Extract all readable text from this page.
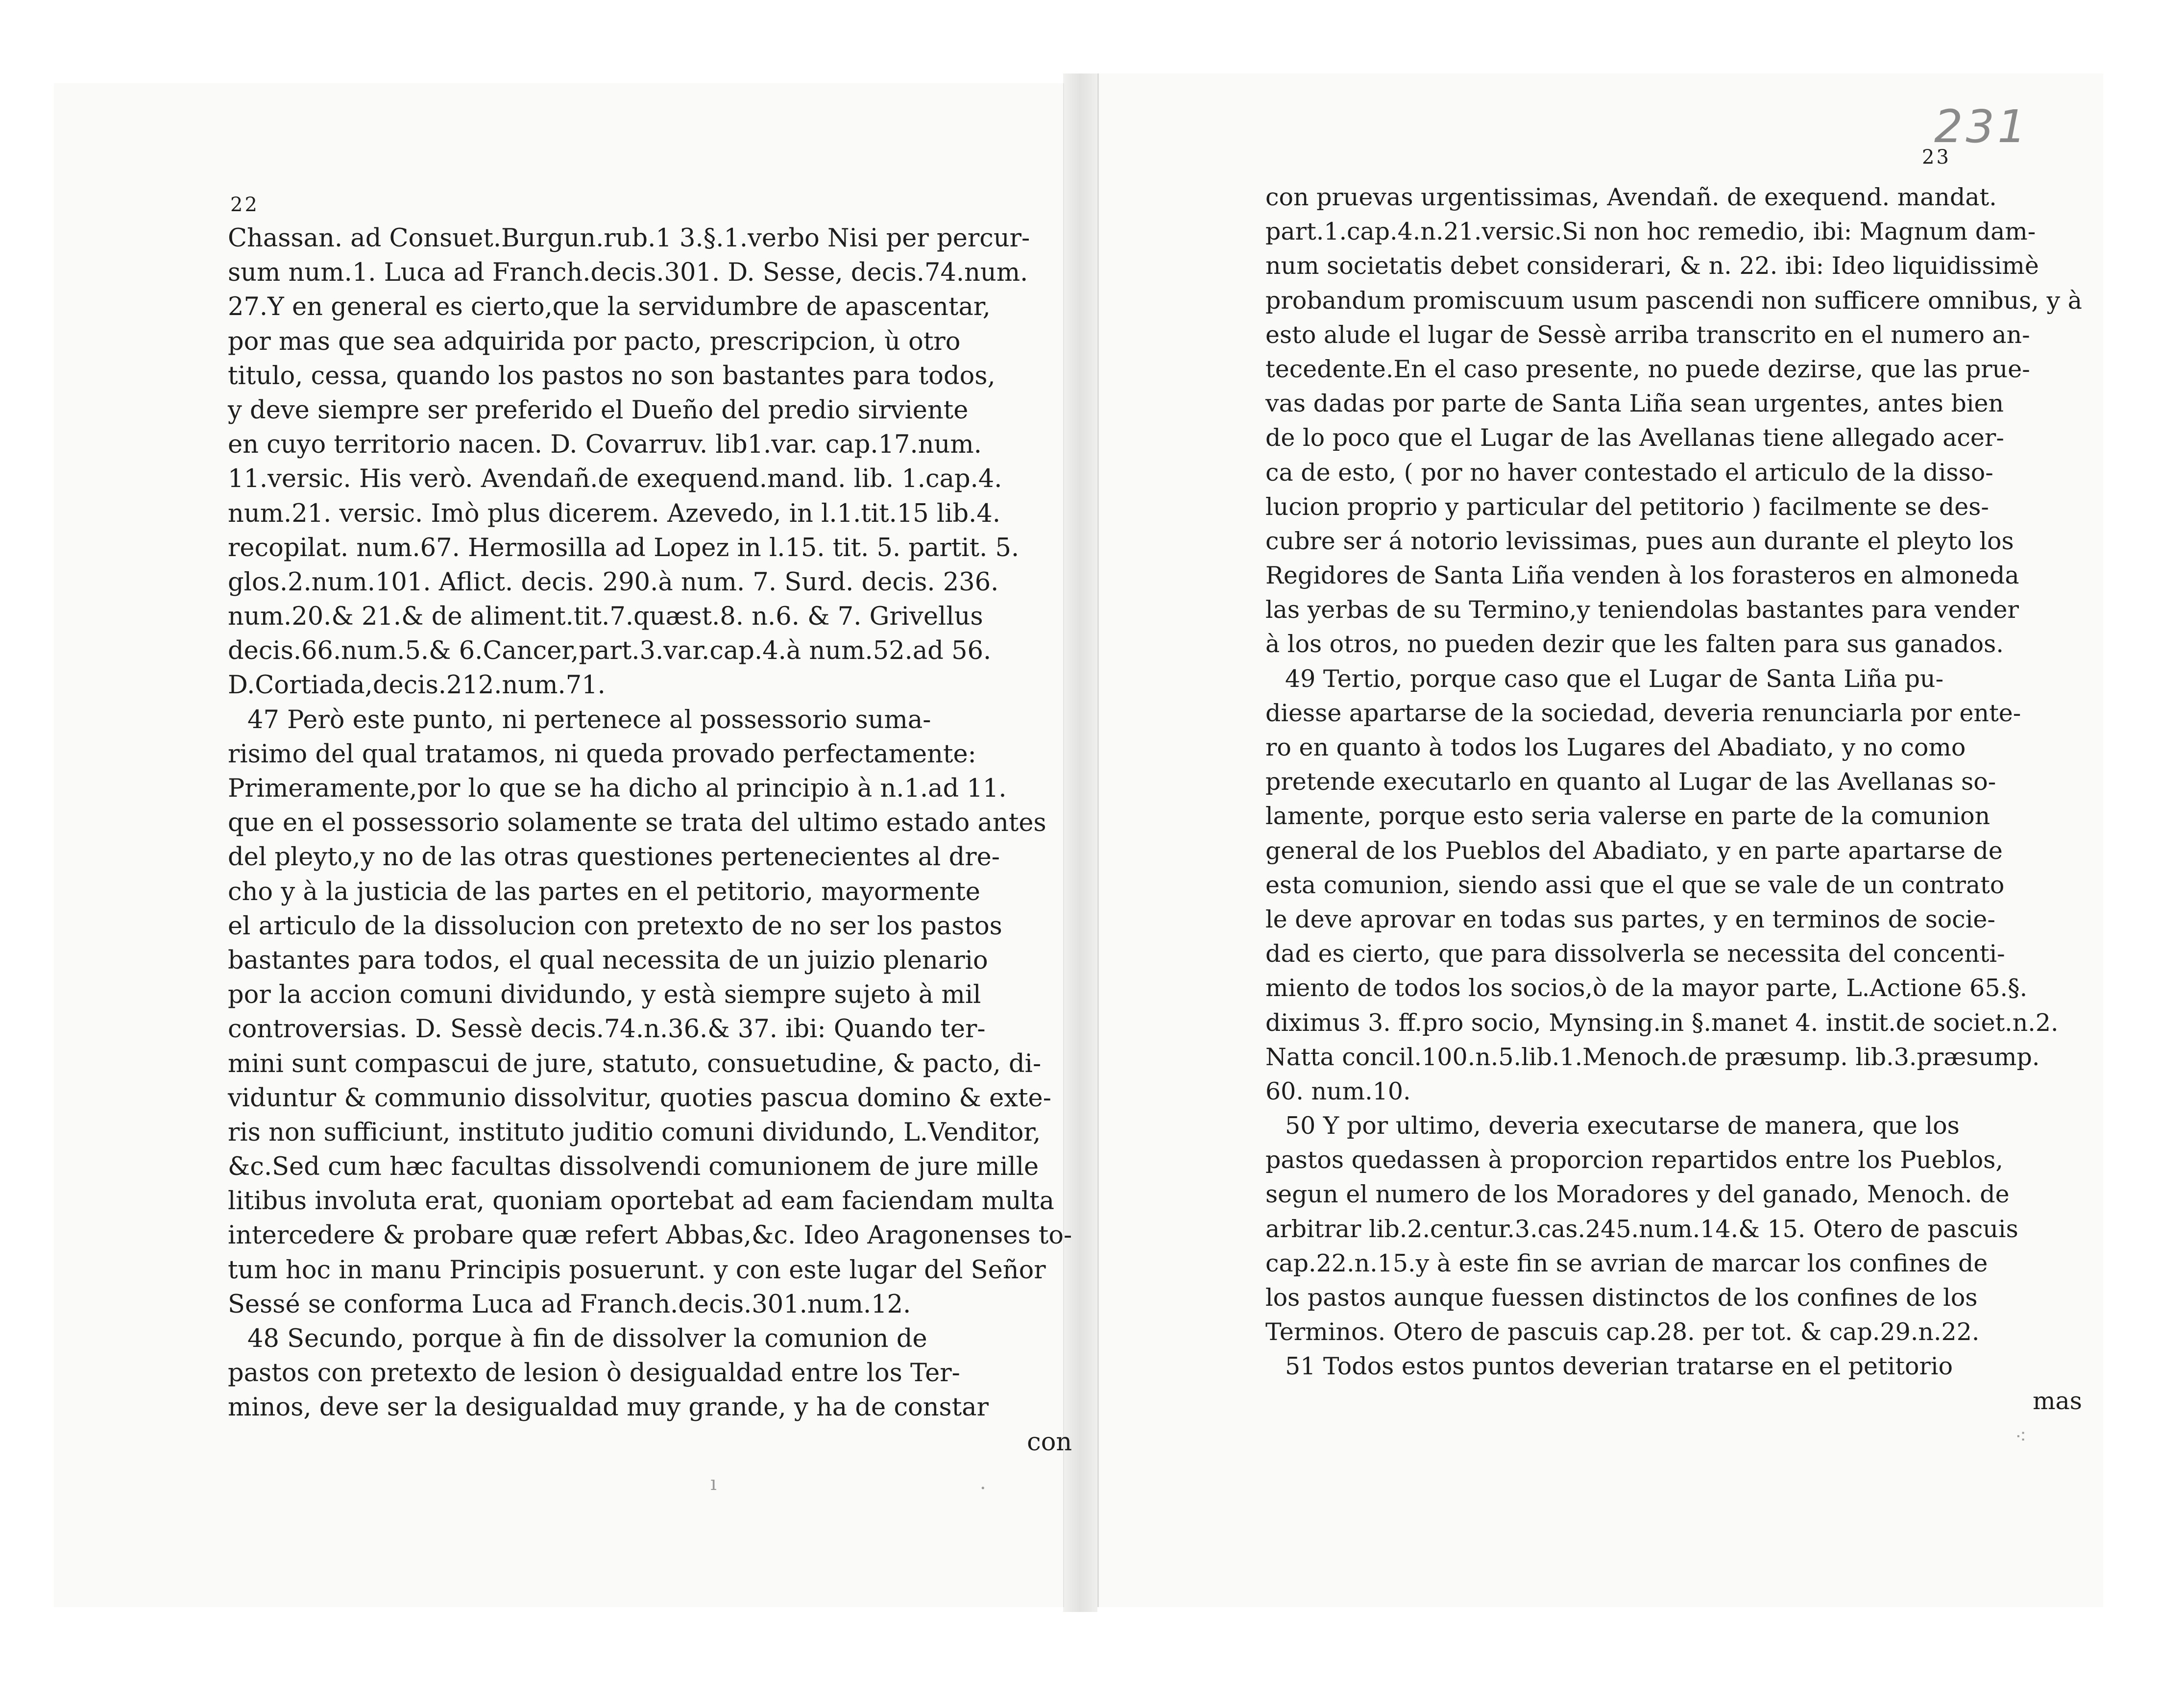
22
Chassan. ad Consuet.Burgun.rub.1 3.§.1.verbo Nisi per percur-
sum num.1. Luca ad Franch.decis.301. D. Sesse, decis.74.num.
27.Y en general es cierto,que la servidumbre de apascentar,
por mas que sea adquirida por pacto, prescripcion, ù otro
titulo, cessa, quando los pastos no son bastantes para todos,
y deve siempre ser preferido el Dueño del predio sirviente
en cuyo territorio nacen. D. Covarruv. lib1.var. cap.17.num.
11.versic. His verò. Avendañ.de exequend.mand. lib. 1.cap.4.
num.21. versic. Imò plus dicerem. Azevedo, in l.1.tit.15 lib.4.
recopilat. num.67. Hermosilla ad Lopez in l.15. tit. 5. partit. 5.
glos.2.num.101. Aflict. decis. 290.à num. 7. Surd. decis. 236.
num.20.& 21.& de aliment.tit.7.quæst.8. n.6. & 7. Grivellus
decis.66.num.5.& 6.Cancer,part.3.var.cap.4.à num.52.ad 56.
D.Cortiada,decis.212.num.71.
47 Però este punto, ni pertenece al possessorio suma-
risimo del qual tratamos, ni queda provado perfectamente:
Primeramente,por lo que se ha dicho al principio à n.1.ad 11.
que en el possessorio solamente se trata del ultimo estado antes
del pleyto,y no de las otras questiones pertenecientes al dre-
cho y à la justicia de las partes en el petitorio, mayormente
el articulo de la dissolucion con pretexto de no ser los pastos
bastantes para todos, el qual necessita de un juizio plenario
por la accion comuni dividundo, y està siempre sujeto à mil
controversias. D. Sessè decis.74.n.36.& 37. ibi: Quando ter-
mini sunt compascui de jure, statuto, consuetudine, & pacto, di-
viduntur & communio dissolvitur, quoties pascua domino & exte-
ris non sufficiunt, instituto juditio comuni dividundo, L.Venditor,
&c.Sed cum hæc facultas dissolvendi comunionem de jure mille
litibus involuta erat, quoniam oportebat ad eam faciendam multa
intercedere & probare quæ refert Abbas,&c. Ideo Aragonenses to-
tum hoc in manu Principis posuerunt. y con este lugar del Señor
Sessé se conforma Luca ad Franch.decis.301.num.12.
48 Secundo, porque à fin de dissolver la comunion de
pastos con pretexto de lesion ò desigualdad entre los Ter-
minos, deve ser la desigualdad muy grande, y ha de constar
con
ı	·
231
23
con pruevas urgentissimas, Avendañ. de exequend. mandat.
part.1.cap.4.n.21.versic.Si non hoc remedio, ibi: Magnum dam-
num societatis debet considerari, & n. 22. ibi: Ideo liquidissimè
probandum promiscuum usum pascendi non sufficere omnibus, y à
esto alude el lugar de Sessè arriba transcrito en el numero an-
tecedente.En el caso presente, no puede dezirse, que las prue-
vas dadas por parte de Santa Liña sean urgentes, antes bien
de lo poco que el Lugar de las Avellanas tiene allegado acer-
ca de esto, ( por no haver contestado el articulo de la disso-
lucion proprio y particular del petitorio ) facilmente se des-
cubre ser á notorio levissimas, pues aun durante el pleyto los
Regidores de Santa Liña venden à los forasteros en almoneda
las yerbas de su Termino,y teniendolas bastantes para vender
à los otros, no pueden dezir que les falten para sus ganados.
49 Tertio, porque caso que el Lugar de Santa Liña pu-
diesse apartarse de la sociedad, deveria renunciarla por ente-
ro en quanto à todos los Lugares del Abadiato, y no como
pretende executarlo en quanto al Lugar de las Avellanas so-
lamente, porque esto seria valerse en parte de la comunion
general de los Pueblos del Abadiato, y en parte apartarse de
esta comunion, siendo assi que el que se vale de un contrato
le deve aprovar en todas sus partes, y en terminos de socie-
dad es cierto, que para dissolverla se necessita del concenti-
miento de todos los socios,ò de la mayor parte, L.Actione 65.§.
diximus 3. ff.pro socio, Mynsing.in §.manet 4. instit.de societ.n.2.
Natta concil.100.n.5.lib.1.Menoch.de præsump. lib.3.præsump.
60. num.10.
50 Y por ultimo, deveria executarse de manera, que los
pastos quedassen à proporcion repartidos entre los Pueblos,
segun el numero de los Moradores y del ganado, Menoch. de
arbitrar lib.2.centur.3.cas.245.num.14.& 15. Otero de pascuis
cap.22.n.15.y à este fin se avrian de marcar los confines de
los pastos aunque fuessen distinctos de los confines de los
Terminos. Otero de pascuis cap.28. per tot. & cap.29.n.22.
51 Todos estos puntos deverian tratarse en el petitorio
mas
⁖
